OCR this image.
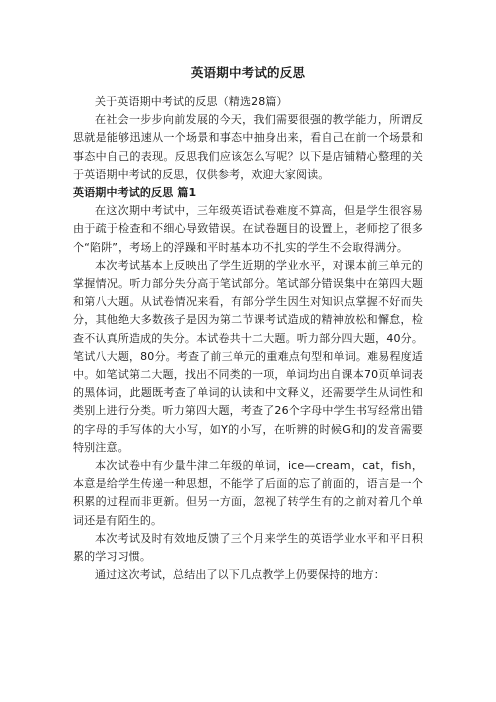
英语期中考试的反思

关于英语期中考试的反思（精选28篇）

在社会一步步向前发展的今天，我们需要很强的教学能力，所谓反思就是能够迅速从一个场景和事态中抽身出来，看自己在前一个场景和事态中自己的表现。反思我们应该怎么写呢？以下是店铺精心整理的关于英语期中考试的反思，仅供参考，欢迎大家阅读。

英语期中考试的反思 篇1

在这次期中考试中，三年级英语试卷难度不算高，但是学生很容易由于疏于检查和不细心导致错误。在试卷题目的设置上，老师挖了很多个“陷阱”，考场上的浮躁和平时基本功不扎实的学生不会取得满分。

本次考试基本上反映出了学生近期的学业水平，对课本前三单元的掌握情况。听力部分失分高于笔试部分。笔试部分错误集中在第四大题和第八大题。从试卷情况来看，有部分学生因生对知识点掌握不好而失分，其他绝大多数孩子是因为第二节课考试造成的精神放松和懈怠，检查不认真所造成的失分。本试卷共十二大题。听力部分四大题，40分。笔试八大题，80分。考查了前三单元的重难点句型和单词。难易程度适中。如笔试第二大题，找出不同类的一项，单词均出自课本70页单词表的黑体词，此题既考查了单词的认读和中文释义，还需要学生从词性和类别上进行分类。听力第四大题，考查了26个字母中学生书写经常出错的字母的手写体的大小写，如Y的小写，在听辨的时候G和J的发音需要特别注意。

本次试卷中有少量牛津二年级的单词，ice—cream，cat，fish，本意是给学生传递一种思想，不能学了后面的忘了前面的，语言是一个积累的过程而非更新。但另一方面，忽视了转学生有的之前对着几个单词还是有陌生的。

本次考试及时有效地反馈了三个月来学生的英语学业水平和平日积累的学习习惯。

通过这次考试，总结出了以下几点教学上仍要保持的地方：
